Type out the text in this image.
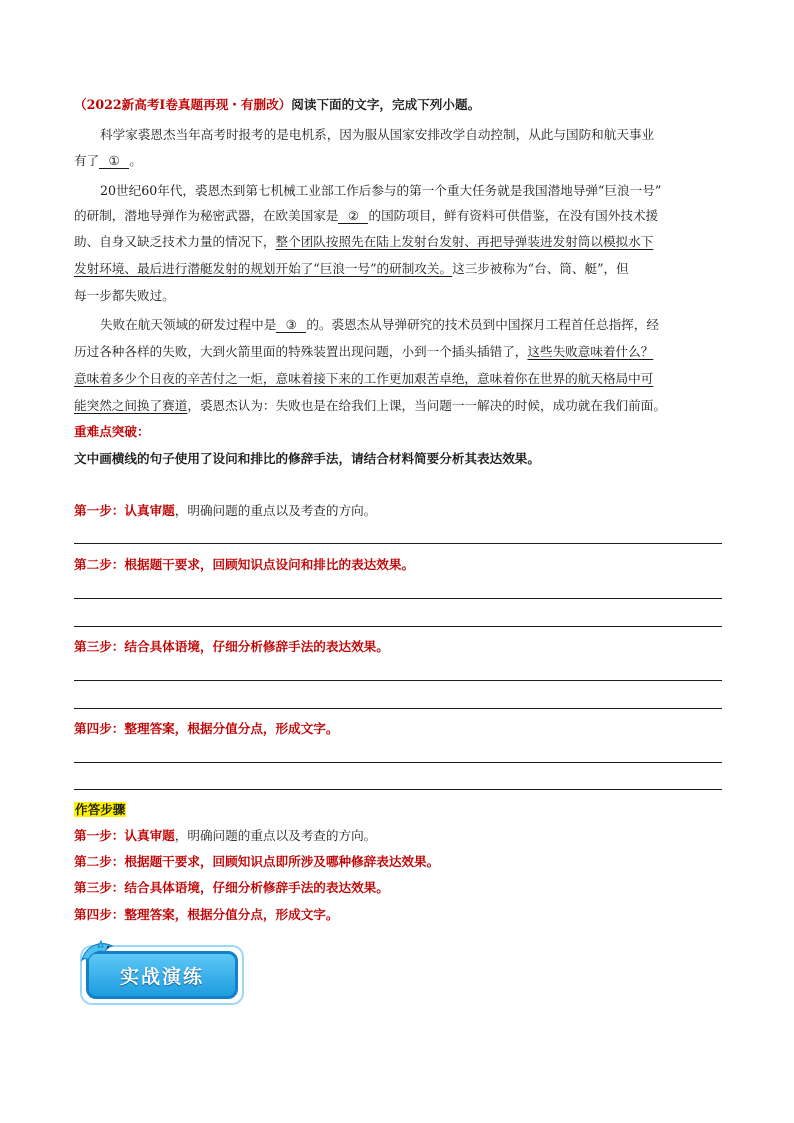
（2022新高考Ⅰ卷真题再现・有删改）阅读下面的文字，完成下列小题。
科学家裘恩杰当年高考时报考的是电机系，因为服从国家安排改学自动控制，从此与国防和航天事业
有了 ① 。
20世纪60年代，裘恩杰到第七机械工业部工作后参与的第一个重大任务就是我国潜地导弹“巨浪一号”
的研制，潜地导弹作为秘密武器，在欧美国家是 ② 的国防项目，鲜有资料可供借鉴，在没有国外技术援
助、自身又缺乏技术力量的情况下，整个团队按照先在陆上发射台发射、再把导弹装进发射筒以模拟水下
发射环境、最后进行潜艇发射的规划开始了“巨浪一号”的研制攻关。这三步被称为“台、筒、艇”，但
每一步都失败过。
失败在航天领域的研发过程中是 ③ 的。裘恩杰从导弹研究的技术员到中国探月工程首任总指挥，经
历过各种各样的失败，大到火箭里面的特殊装置出现问题，小到一个插头插错了，这些失败意味着什么？
意味着多少个日夜的辛苦付之一炬，意味着接下来的工作更加艰苦卓绝，意味着你在世界的航天格局中可
能突然之间换了赛道，裘恩杰认为：失败也是在给我们上课，当问题一一解决的时候，成功就在我们前面。
重难点突破：
文中画横线的句子使用了设问和排比的修辞手法，请结合材料简要分析其表达效果。
第一步：认真审题，明确问题的重点以及考查的方向。
第二步：根据题干要求，回顾知识点设问和排比的表达效果。
第三步：结合具体语境，仔细分析修辞手法的表达效果。
第四步：整理答案，根据分值分点，形成文字。
作答步骤
第一步：认真审题，明确问题的重点以及考查的方向。
第二步：根据题干要求，回顾知识点即所涉及哪种修辞表达效果。
第三步：结合具体语境，仔细分析修辞手法的表达效果。
第四步：整理答案，根据分值分点，形成文字。
实战演练
